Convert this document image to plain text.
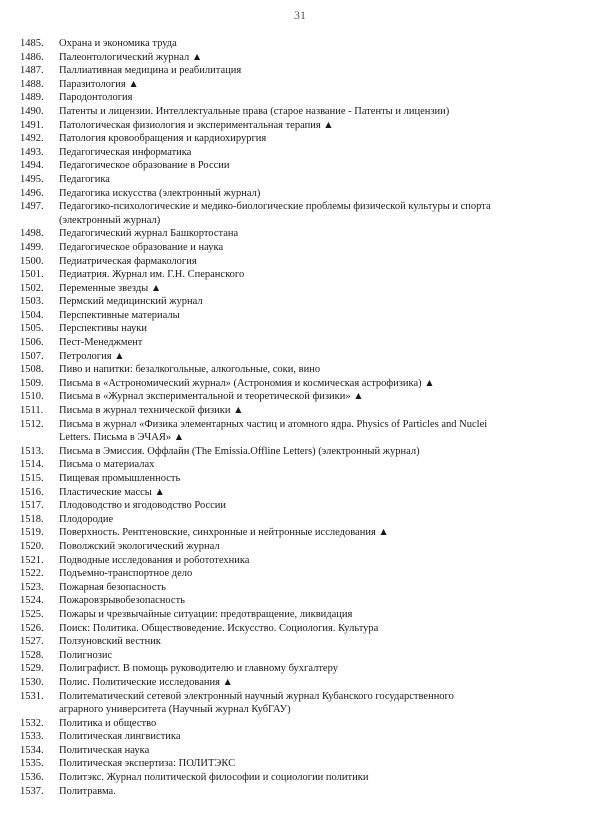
31
1485.	Охрана и экономика труда
1486.	Палеонтологический журнал ▲
1487.	Паллиативная медицина и реабилитация
1488.	Паразитология ▲
1489.	Пародонтология
1490.	Патенты и лицензии. Интеллектуальные права (старое название - Патенты и лицензии)
1491.	Патологическая физиология и экспериментальная терапия ▲
1492.	Патология кровообращения и кардиохирургия
1493.	Педагогическая информатика
1494.	Педагогическое образование в России
1495.	Педагогика
1496.	Педагогика искусства (электронный журнал)
1497.	Педагогико-психологические и медико-биологические проблемы физической культуры и спорта
(электронный журнал)
1498.	Педагогический журнал Башкортостана
1499.	Педагогическое образование и наука
1500.	Педиатрическая фармакология
1501.	Педиатрия. Журнал им. Г.Н. Сперанского
1502.	Переменные звезды ▲
1503.	Пермский медицинский журнал
1504.	Перспективные материалы
1505.	Перспективы науки
1506.	Пест-Менеджмент
1507.	Петрология ▲
1508.	Пиво и напитки: безалкогольные, алкогольные, соки, вино
1509.	Письма в «Астрономический журнал» (Астрономия и космическая астрофизика) ▲
1510.	Письма в «Журнал экспериментальной и теоретической физики» ▲
1511.	Письма в журнал технической физики ▲
1512.	Письма в журнал «Физика элементарных частиц и атомного ядра. Physics of Particles and Nuclei
Letters. Письма в ЭЧАЯ» ▲
1513.	Письма в Эмиссия. Оффлайн (The Emissia.Offline Letters) (электронный журнал)
1514.	Письма о материалах
1515.	Пищевая промышленность
1516.	Пластические массы ▲
1517.	Плодоводство и ягодоводство России
1518.	Плодородие
1519.	Поверхность. Рентгеновские, синхронные и нейтронные исследования ▲
1520.	Поволжский экологический журнал
1521.	Подводные исследования и робототехника
1522.	Подъемно-транспортное дело
1523.	Пожарная безопасность
1524.	Пожаровзрывобезопасность
1525.	Пожары и чрезвычайные ситуации: предотвращение, ликвидация
1526.	Поиск: Политика. Обществоведение. Искусство. Социология. Культура
1527.	Ползуновский вестник
1528.	Полигнозис
1529.	Полиграфист. В помощь руководителю и главному бухгалтеру
1530.	Полис. Политические исследования ▲
1531.	Политематический сетевой электронный научный журнал Кубанского государственного
аграрного университета (Научный журнал КубГАУ)
1532.	Политика и общество
1533.	Политическая лингвистика
1534.	Политическая наука
1535.	Политическая экспертиза: ПОЛИТЭКС
1536.	Политэкс. Журнал политической философии и социологии политики
1537.	Политравма.
